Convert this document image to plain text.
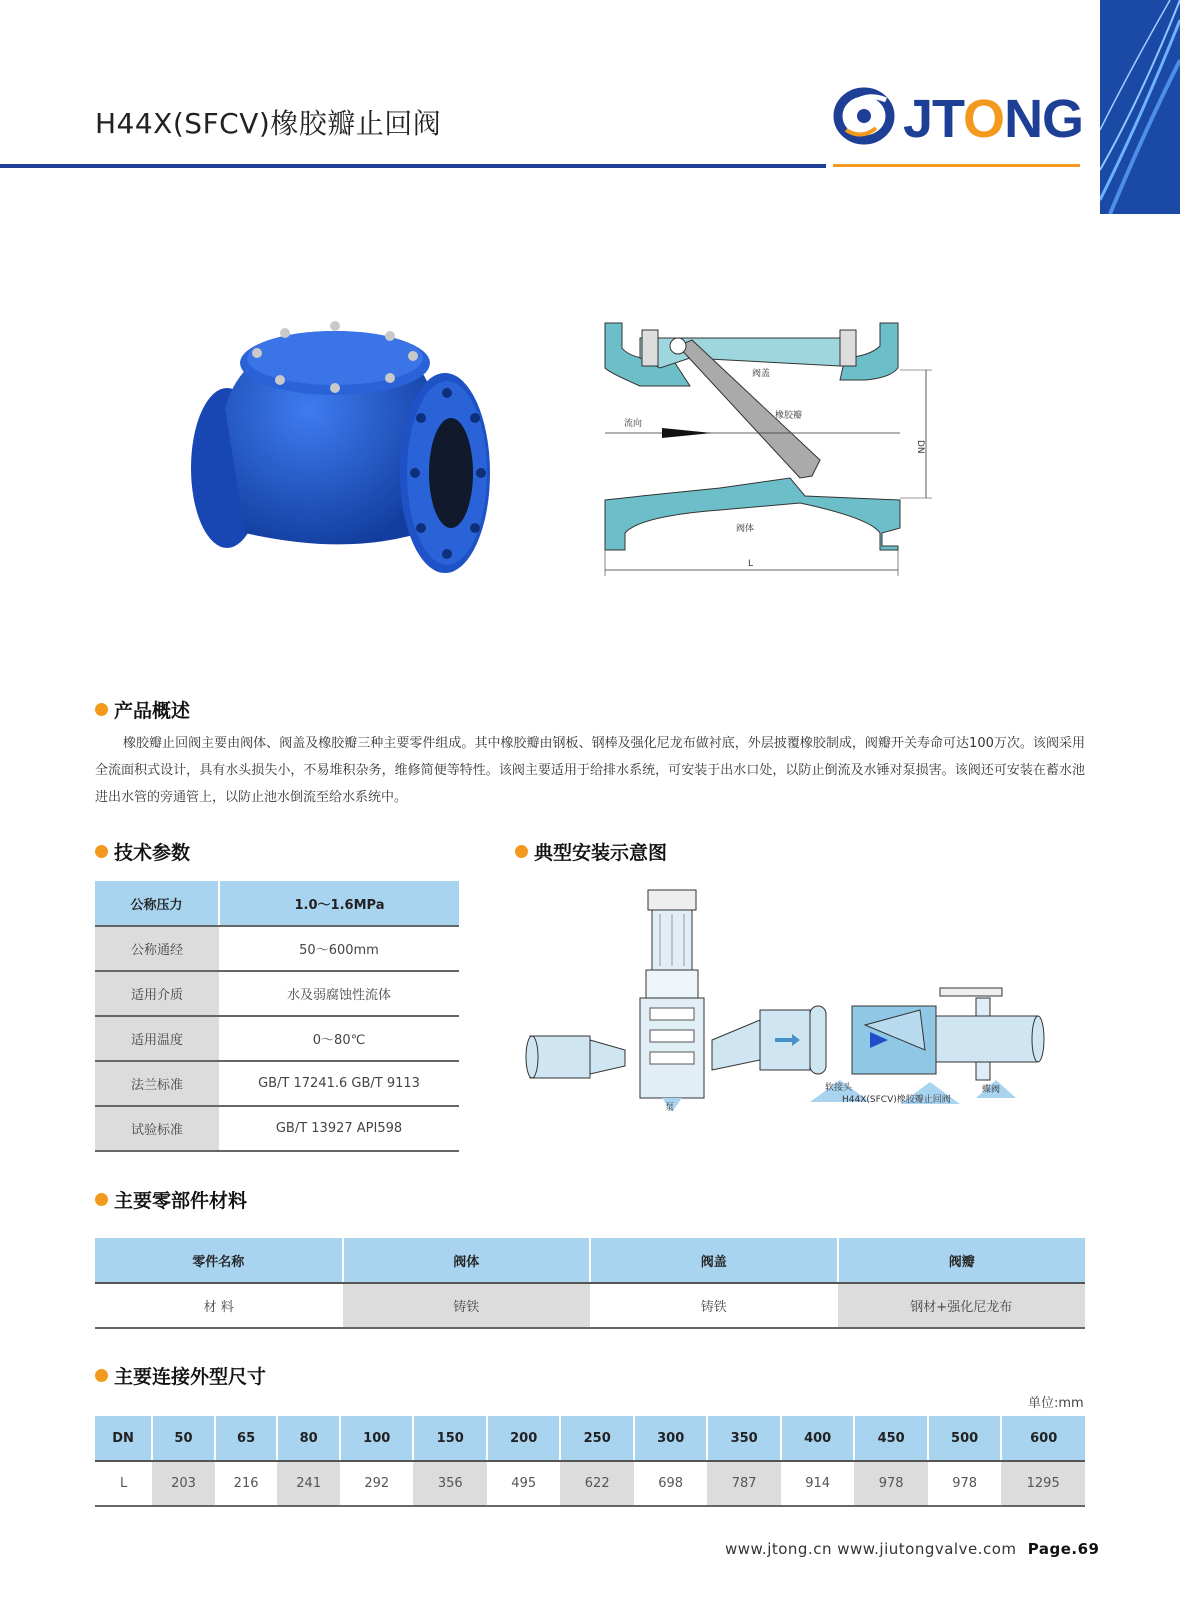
H44X(SFCV)橡胶瓣止回阀	JTONG
阀盖
流向
橡胶瓣
阀体
DN
L
产品概述

橡胶瓣止回阀主要由阀体、阀盖及橡胶瓣三种主要零件组成。其中橡胶瓣由钢板、钢棒及强化尼龙布做衬底，外层披覆橡胶制成，阀瓣开关寿命可达100万次。该阀采用全流面积式设计，具有水头损失小，不易堆积杂务，维修简便等特性。该阀主要适用于给排水系统，可安装于出水口处，以防止倒流及水锤对泵损害。该阀还可安装在蓄水池进出水管的旁通管上，以防止池水倒流至给水系统中。

技术参数
公称压力	1.0～1.6MPa
公称通经	50～600mm
适用介质	水及弱腐蚀性流体
适用温度	0～80℃
法兰标准	GB/T 17241.6 GB/T 9113
试验标准	GB/T 13927 API598
典型安装示意图
泵
软接头
H44X(SFCV)橡胶瓣止回阀
蝶阀
主要零部件材料
零件名称	阀体	阀盖	阀瓣
材 料	铸铁	铸铁	钢材+强化尼龙布
主要连接外型尺寸
单位:mm
DN	50	65	80	100	150	200	250	300	350	400	450	500	600
L	203	216	241	292	356	495	622	698	787	914	978	978	1295
www.jtong.cn www.jiutongvalve.com Page.69
